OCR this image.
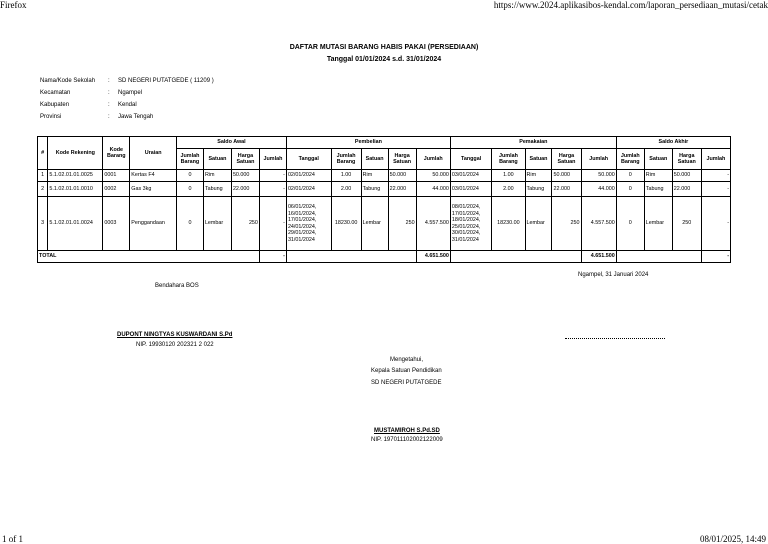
Firefox	https://www.2024.aplikasibos-kendal.com/laporan_persediaan_mutasi/cetak
1 of 1	08/01/2025, 14:49
DAFTAR MUTASI BARANG HABIS PAKAI (PERSEDIAAN)
Tanggal 01/01/2024 s.d. 31/01/2024
Nama/Kode Sekolah	:	SD NEGERI PUTATGEDE ( 11209 )
Kecamatan	:	Ngampel
Kabupaten	:	Kendal
Provinsi	:	Jawa Tengah
#	Kode Rekening	Kode Barang	Uraian	Saldo Awal				Pembelian					Pemakaian					Saldo Akhir			
				Jumlah Barang	Satuan	Harga Satuan	Jumlah	Tanggal	Jumlah Barang	Satuan	Harga Satuan	Jumlah	Tanggal	Jumlah Barang	Satuan	Harga Satuan	Jumlah	Jumlah Barang	Satuan	Harga Satuan	Jumlah
1	5.1.02.01.01.0025	0001	Kertas F4	0	Rim	50.000	-	02/01/2024	1.00	Rim	50.000	50.000	03/01/2024	1.00	Rim	50.000	50.000	0	Rim	50.000	-
2	5.1.02.01.01.0010	0002	Gas 3kg	0	Tabung	22.000	-	02/01/2024	2.00	Tabung	22.000	44.000	03/01/2024	2.00	Tabung	22.000	44.000	0	Tabung	22.000	-
3	5.1.02.01.01.0024	0003	Penggandaan	0	Lembar	250	-	06/01/2024, 16/01/2024, 17/01/2024, 24/01/2024, 29/01/2024, 31/01/2024	18230.00	Lembar	250	4.557.500	08/01/2024, 17/01/2024, 18/01/2024, 25/01/2024, 30/01/2024, 31/01/2024	18230.00	Lembar	250	4.557.500	0	Lembar	250	-
TOTAL							-					4.651.500					4.651.500				-
Ngampel, 31 Januari 2024
Bendahara BOS
DUPONT NINGTYAS KUSWARDANI S.Pd
NIP. 19930120 202321 2 022
Mengetahui,
Kepala Satuan Pendidikan
SD NEGERI PUTATGEDE
MUSTAMIROH S.Pd.SD
NIP. 197011102002122009
